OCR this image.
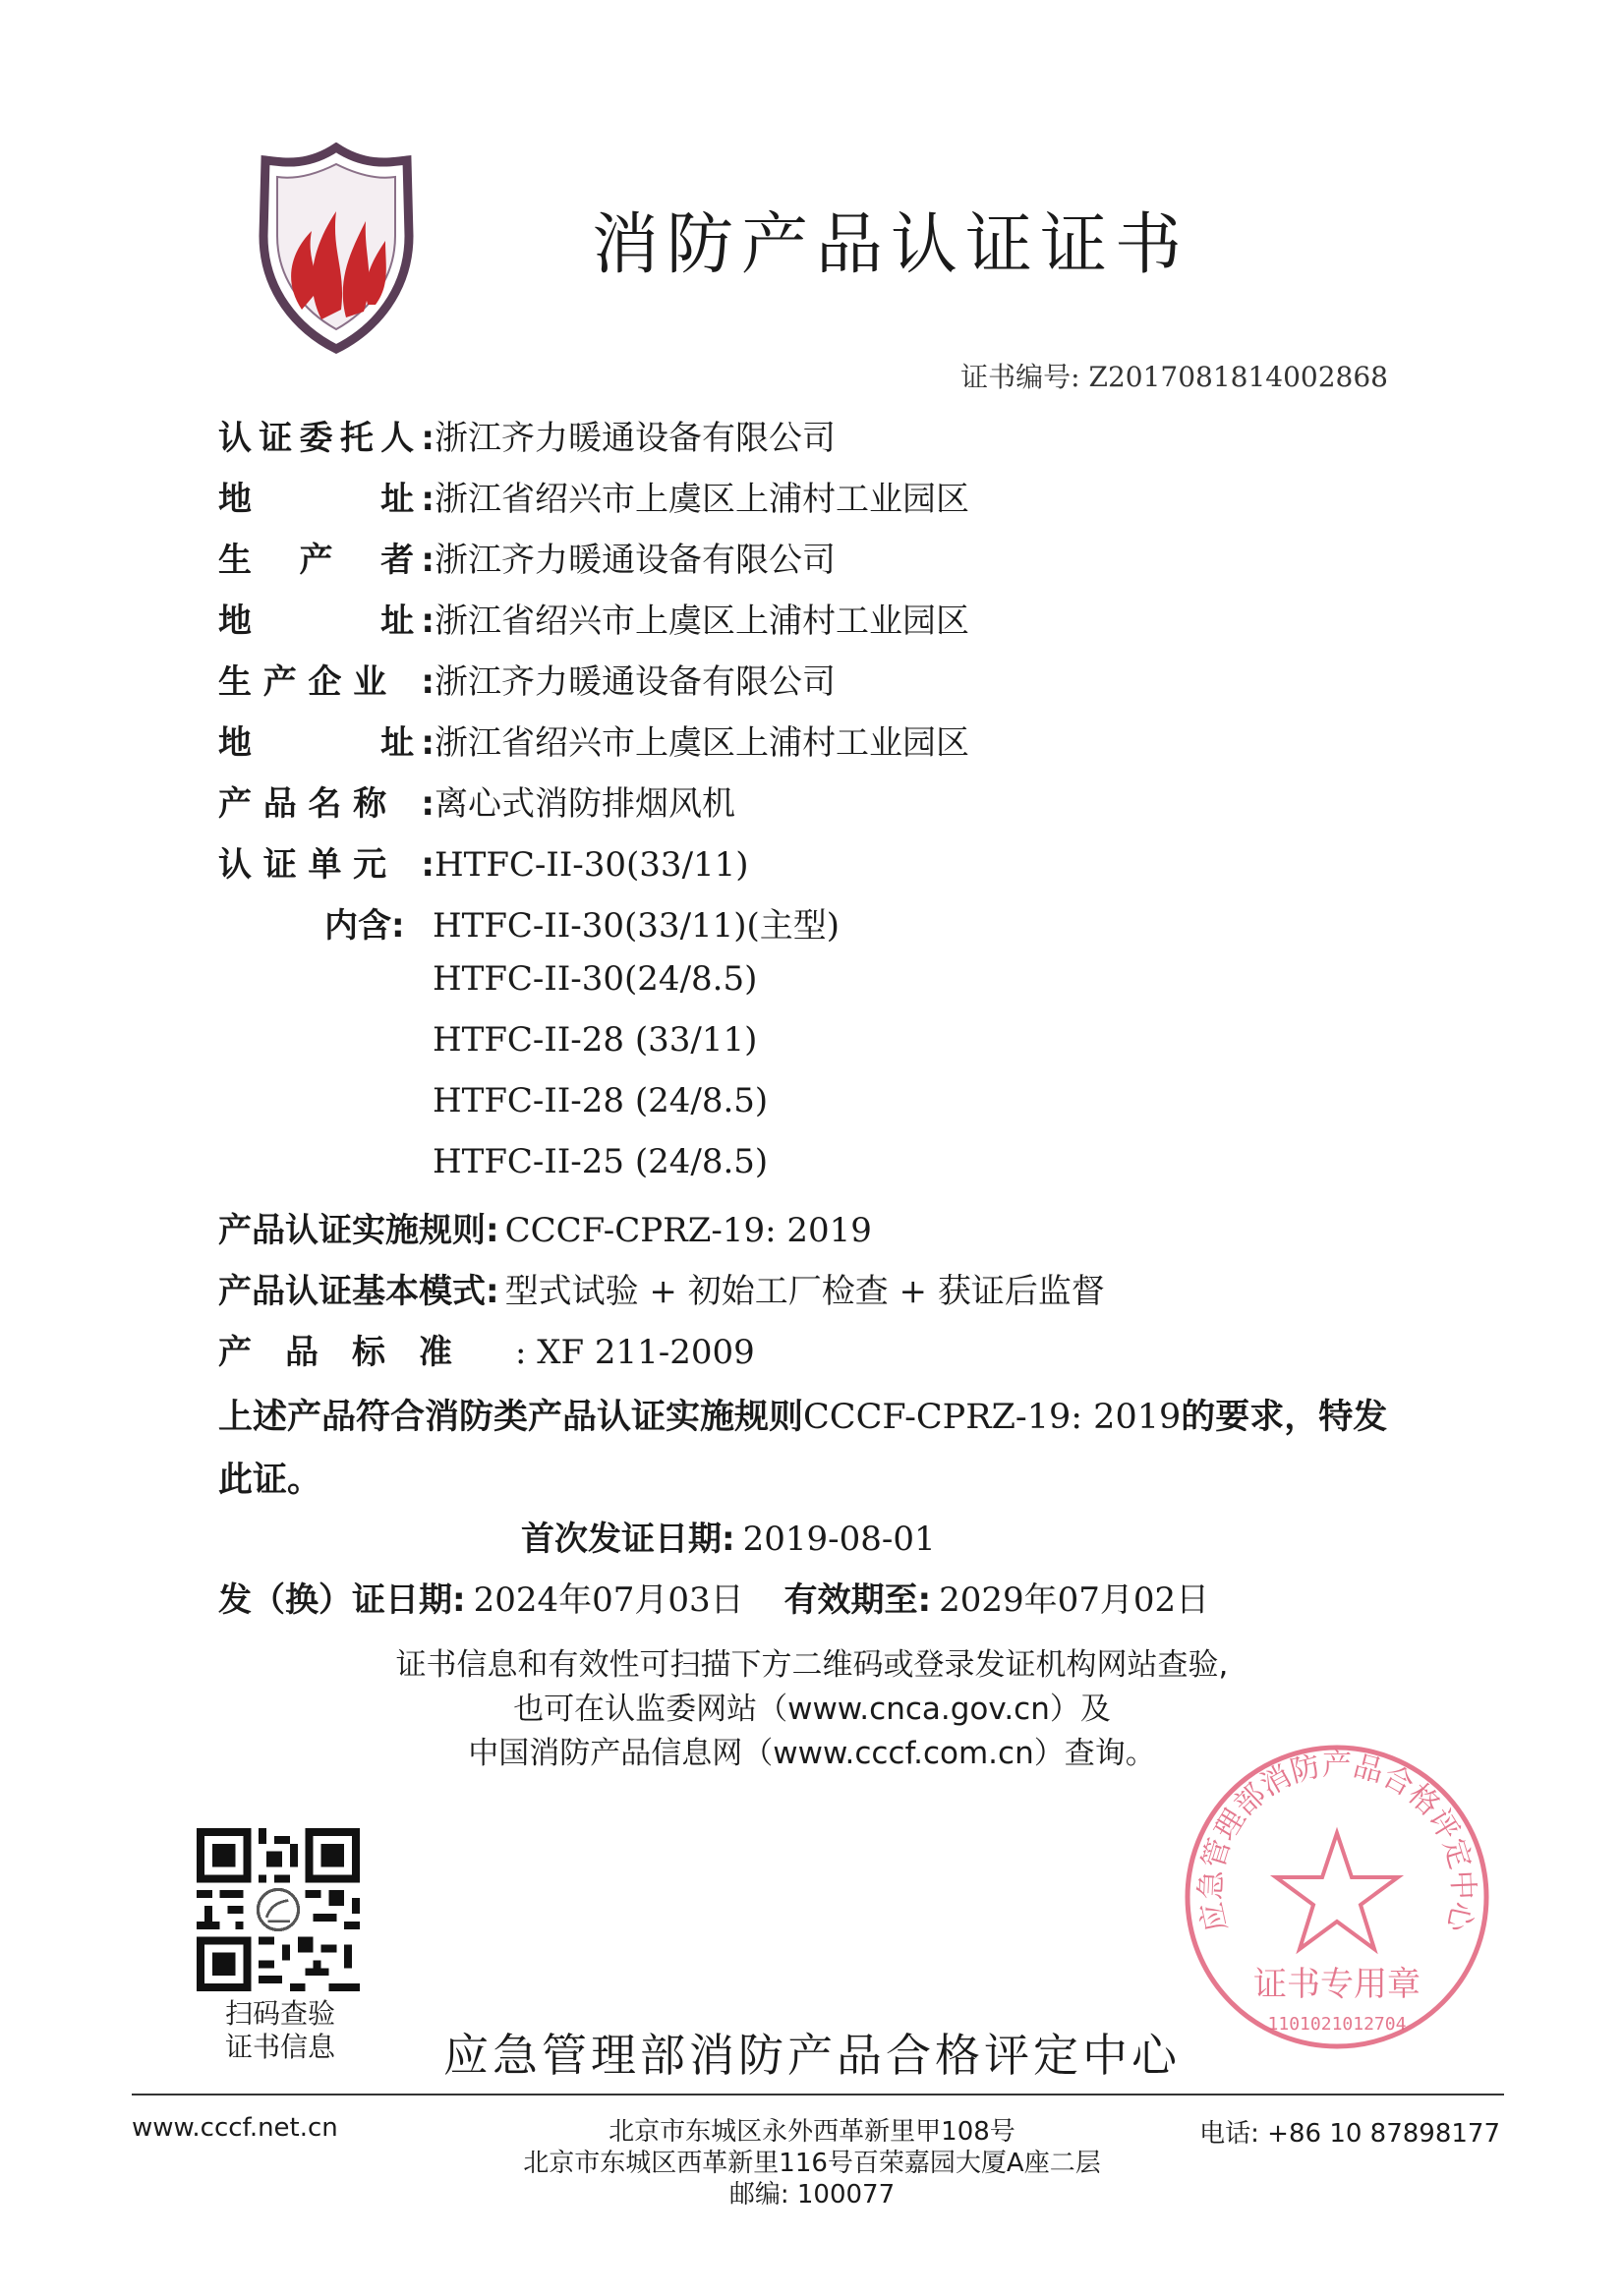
消防产品认证证书
证书编号: Z2017081814002868
认证委托人:浙江齐力暖通设备有限公司
地　　　址:浙江省绍兴市上虞区上浦村工业园区
生　产　者:浙江齐力暖通设备有限公司
地　　　址:浙江省绍兴市上虞区上浦村工业园区
生产企业 :浙江齐力暖通设备有限公司
地　　　址:浙江省绍兴市上虞区上浦村工业园区
产品名称 :离心式消防排烟风机
认证单元 :HTFC-II-30(33/11)
内含: HTFC-II-30(33/11)(主型)
HTFC-II-30(24/8.5)
HTFC-II-28 (33/11)
HTFC-II-28 (24/8.5)
HTFC-II-25 (24/8.5)
产品认证实施规则: CCCF-CPRZ-19: 2019
产品认证基本模式: 型式试验 + 初始工厂检查 + 获证后监督
产　品　标　准 : XF 211-2009
上述产品符合消防类产品认证实施规则CCCF-CPRZ-19: 2019的要求，特发
此证。
首次发证日期: 2019-08-01
发（换）证日期: 2024年07月03日 有效期至: 2029年07月02日
证书信息和有效性可扫描下方二维码或登录发证机构网站查验,
也可在认监委网站（www.cnca.gov.cn）及
中国消防产品信息网（www.cccf.com.cn）查询。
扫码查验
证书信息
应急管理部消防产品合格评定中心
证书专用章
1101021012704
应急管理部消防产品合格评定中心
www.cccf.net.cn	北京市东城区永外西革新里甲108号
北京市东城区西革新里116号百荣嘉园大厦A座二层
邮编: 100077
电话: +86 10 87898177
